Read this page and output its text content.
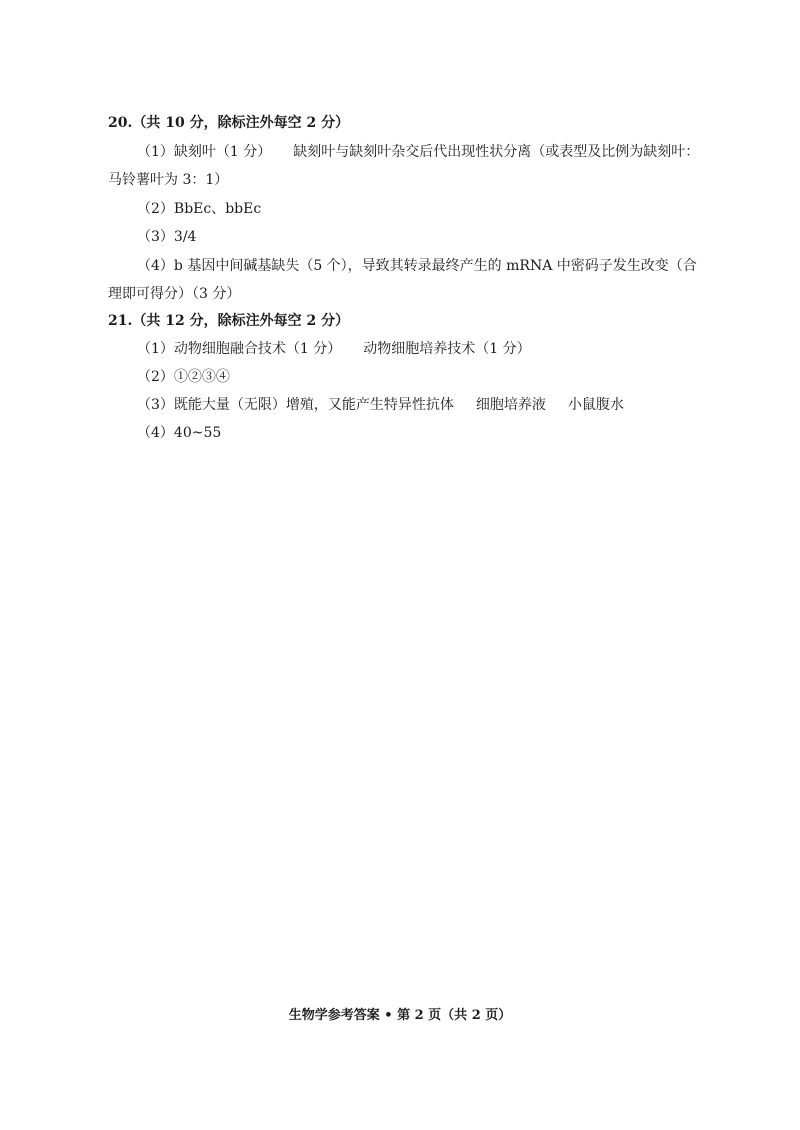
20.（共 10 分，除标注外每空 2 分）
（1）缺刻叶（1 分） 缺刻叶与缺刻叶杂交后代出现性状分离（或表型及比例为缺刻叶：
马铃薯叶为 3：1）
（2）BbEc、bbEc
（3）3/4
（4）b 基因中间碱基缺失（5 个），导致其转录最终产生的 mRNA 中密码子发生改变（合
理即可得分）（3 分）
21.（共 12 分，除标注外每空 2 分）
（1）动物细胞融合技术（1 分） 动物细胞培养技术（1 分）
（2）①②③④
（3）既能大量（无限）增殖，又能产生特异性抗体 细胞培养液 小鼠腹水
（4）40~55
生物学参考答案 • 第 2 页（共 2 页）
